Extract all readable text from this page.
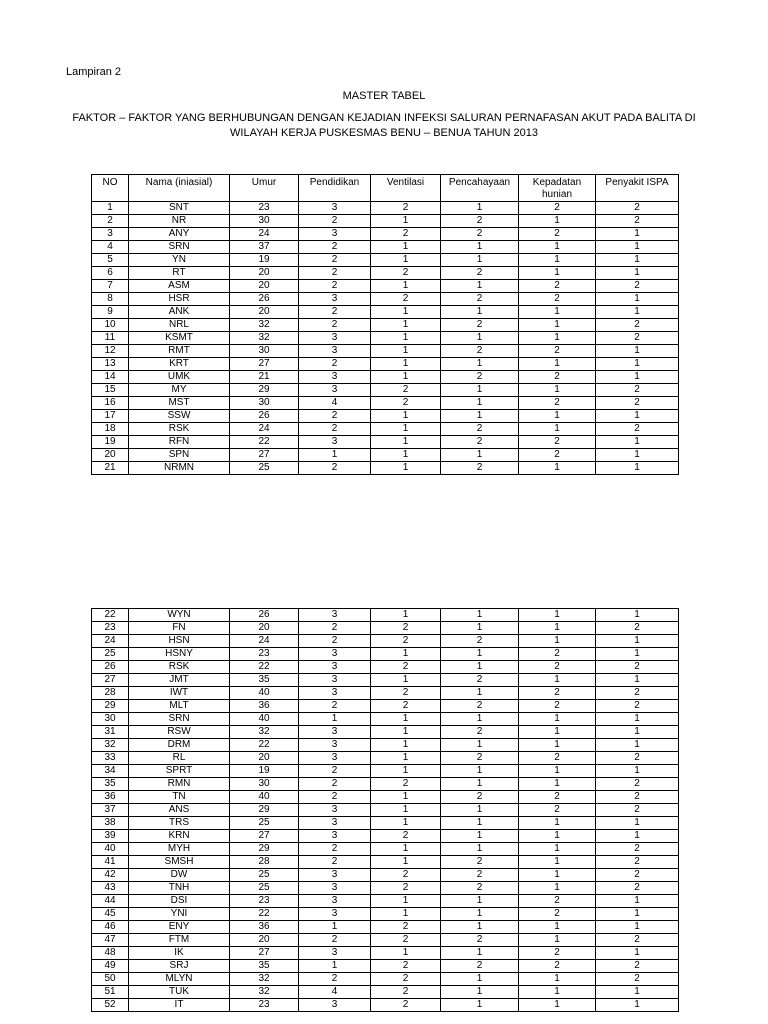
Lampiran 2
MASTER TABEL
FAKTOR – FAKTOR YANG BERHUBUNGAN DENGAN KEJADIAN INFEKSI SALURAN PERNAFASAN AKUT PADA BALITA DI
WILAYAH KERJA PUSKESMAS BENU – BENUA TAHUN 2013
NO	Nama (iniasial)	Umur	Pendidikan	Ventilasi	Pencahayaan	Kepadatan hunian	Penyakit ISPA
1	SNT	23	3	2	1	2	2
2	NR	30	2	1	2	1	2
3	ANY	24	3	2	2	2	1
4	SRN	37	2	1	1	1	1
5	YN	19	2	1	1	1	1
6	RT	20	2	2	2	1	1
7	ASM	20	2	1	1	2	2
8	HSR	26	3	2	2	2	1
9	ANK	20	2	1	1	1	1
10	NRL	32	2	1	2	1	2
11	KSMT	32	3	1	1	1	2
12	RMT	30	3	1	2	2	1
13	KRT	27	2	1	1	1	1
14	UMK	21	3	1	2	2	1
15	MY	29	3	2	1	1	2
16	MST	30	4	2	1	2	2
17	SSW	26	2	1	1	1	1
18	RSK	24	2	1	2	1	2
19	RFN	22	3	1	2	2	1
20	SPN	27	1	1	1	2	1
21	NRMN	25	2	1	2	1	1
22	WYN	26	3	1	1	1	1
23	FN	20	2	2	1	1	2
24	HSN	24	2	2	2	1	1
25	HSNY	23	3	1	1	2	1
26	RSK	22	3	2	1	2	2
27	JMT	35	3	1	2	1	1
28	IWT	40	3	2	1	2	2
29	MLT	36	2	2	2	2	2
30	SRN	40	1	1	1	1	1
31	RSW	32	3	1	2	1	1
32	DRM	22	3	1	1	1	1
33	RL	20	3	1	2	2	2
34	SPRT	19	2	1	1	1	1
35	RMN	30	2	2	1	1	2
36	TN	40	2	1	2	2	2
37	ANS	29	3	1	1	2	2
38	TRS	25	3	1	1	1	1
39	KRN	27	3	2	1	1	1
40	MYH	29	2	1	1	1	2
41	SMSH	28	2	1	2	1	2
42	DW	25	3	2	2	1	2
43	TNH	25	3	2	2	1	2
44	DSI	23	3	1	1	2	1
45	YNI	22	3	1	1	2	1
46	ENY	36	1	2	1	1	1
47	FTM	20	2	2	2	1	2
48	IK	27	3	1	1	2	1
49	SRJ	35	1	2	2	2	2
50	MLYN	32	2	2	1	1	2
51	TUK	32	4	2	1	1	1
52	IT	23	3	2	1	1	1
